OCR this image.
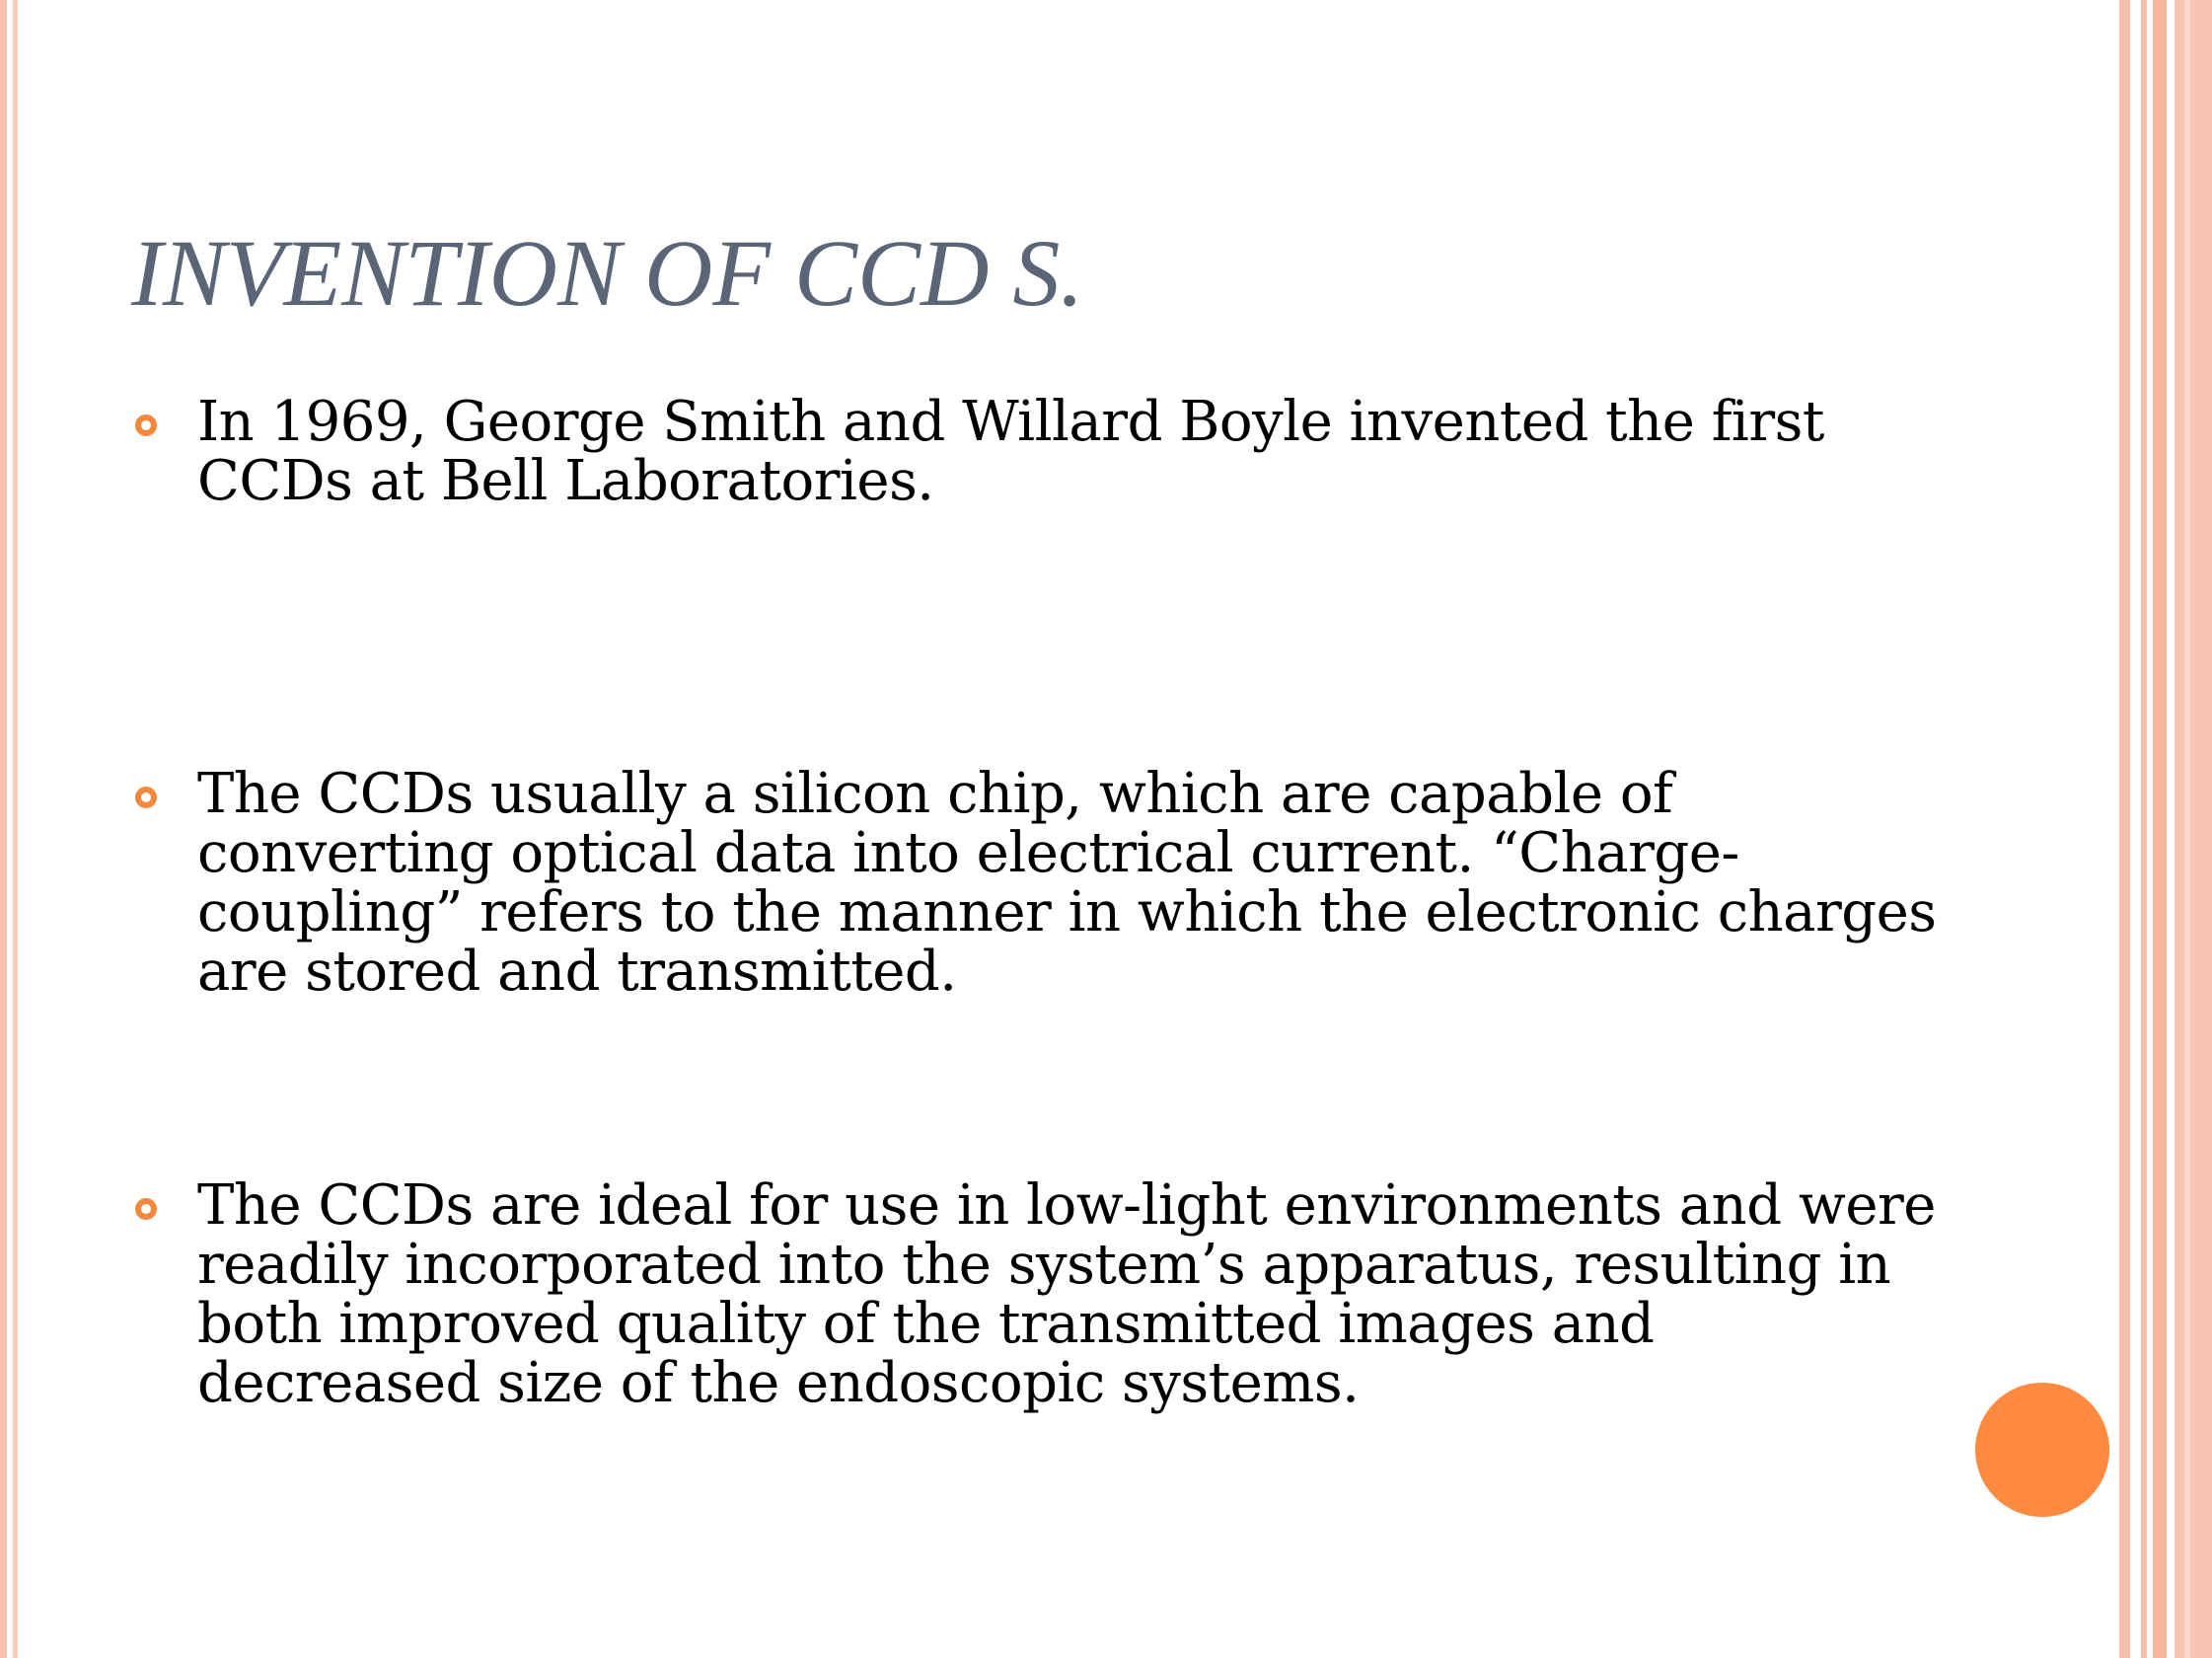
INVENTION OF CCD S.

In 1969, George Smith and Willard Boyle invented the first CCDs at Bell Laboratories.

The CCDs usually a silicon chip, which are capable of converting optical data into electrical current. “Charge-coupling” refers to the manner in which the electronic charges are stored and transmitted.

The CCDs are ideal for use in low-light environments and were readily incorporated into the system’s apparatus, resulting in both improved quality of the transmitted images and decreased size of the endoscopic systems.
